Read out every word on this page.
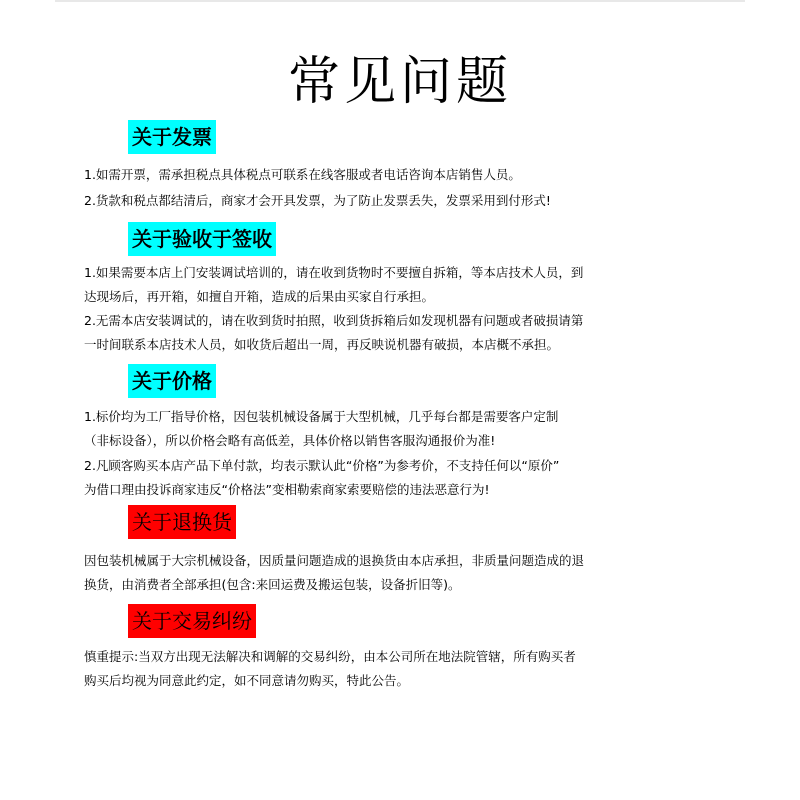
常见问题
关于发票
1.如需开票，需承担税点具体税点可联系在线客服或者电话咨询本店销售人员。
2.货款和税点都结清后，商家才会开具发票，为了防止发票丢失，发票采用到付形式!
关于验收于签收
1.如果需要本店上门安装调试培训的，请在收到货物时不要擅自拆箱，等本店技术人员，到
达现场后，再开箱，如擅自开箱，造成的后果由买家自行承担。
2.无需本店安装调试的，请在收到货时拍照，收到货拆箱后如发现机器有问题或者破损请第
一时间联系本店技术人员，如收货后超出一周，再反映说机器有破损，本店概不承担。
关于价格
1.标价均为工厂指导价格，因包装机械设备属于大型机械，几乎每台都是需要客户定制
（非标设备），所以价格会略有高低差，具体价格以销售客服沟通报价为准!
2.凡顾客购买本店产品下单付款，均表示默认此“价格”为参考价，不支持任何以“原价”
为借口理由投诉商家违反“价格法”变相勒索商家索要赔偿的违法恶意行为!
关于退换货
因包装机械属于大宗机械设备，因质量问题造成的退换货由本店承担，非质量问题造成的退
换货，由消费者全部承担(包含:来回运费及搬运包装，设备折旧等)。
关于交易纠纷
慎重提示:当双方出现无法解决和调解的交易纠纷，由本公司所在地法院管辖，所有购买者
购买后均视为同意此约定，如不同意请勿购买，特此公告。
